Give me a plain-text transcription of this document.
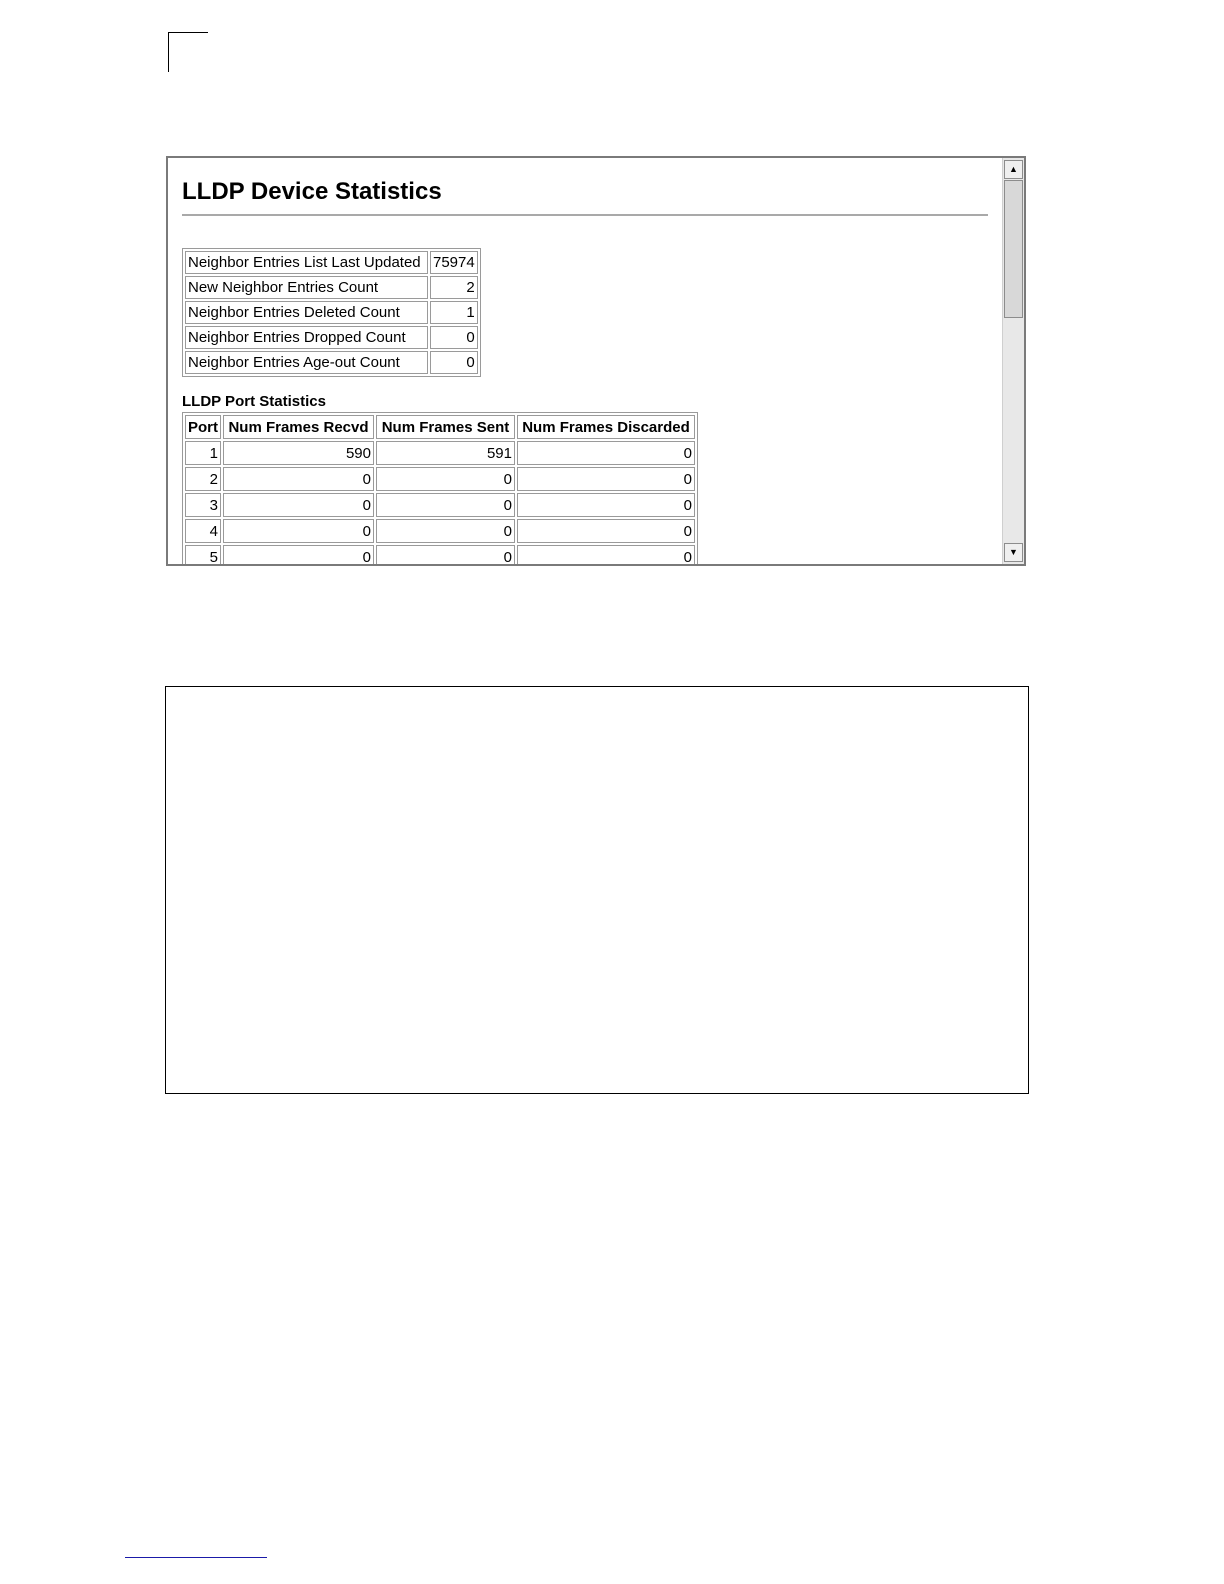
LLDP Device Statistics
Neighbor Entries List Last Updated	75974
New Neighbor Entries Count	2
Neighbor Entries Deleted Count	1
Neighbor Entries Dropped Count	0
Neighbor Entries Age-out Count	0
LLDP Port Statistics
Port	Num Frames Recvd	Num Frames Sent	Num Frames Discarded
1	590	591	0
2	0	0	0
3	0	0	0
4	0	0	0
5	0	0	0
▲
▼
